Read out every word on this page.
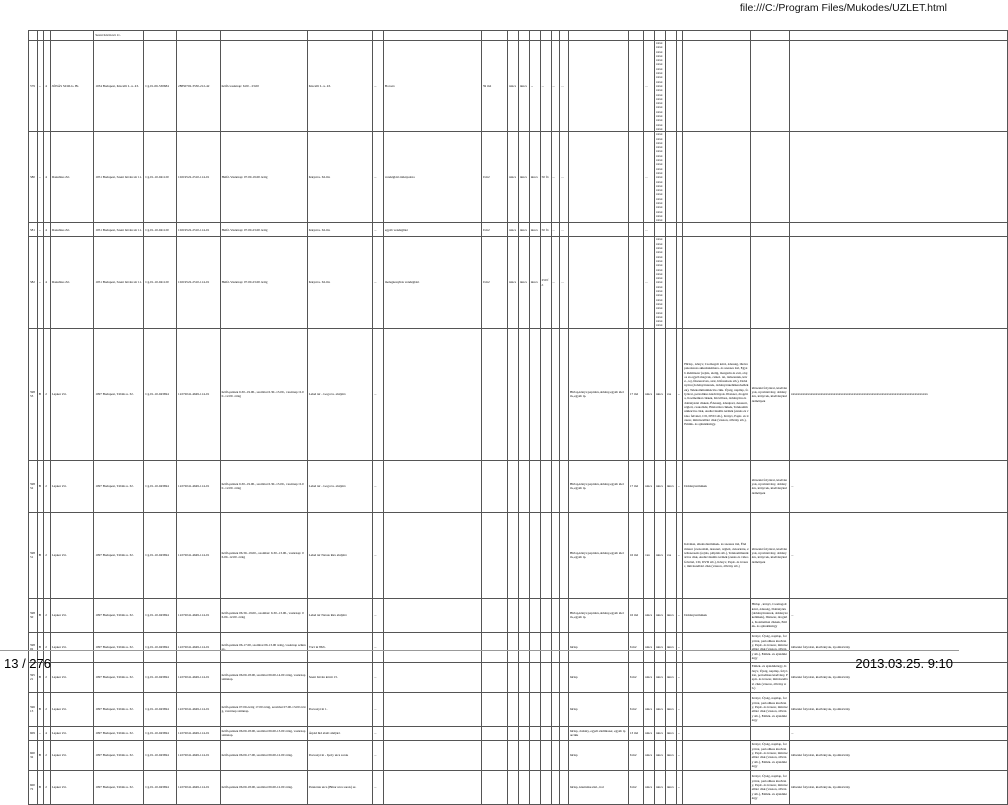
file:///C:/Program Files/Mukodes/UZLET.html
				Szent István tér 11.																						
579	...	4	JÓNÁS SZOLG. Bt.	1034 Budapest, Kiscelli L. u. 43.	Cg.01-06-530684	28850702-3530-212-42	hétfő-vasárnap: 6.00 - 23.00	Kiscelli L. u. 43.	...	Borozó	59 m2	nincs	nincs	...	...	...	...			...	xxxxxxxxxxxxxxxxxxxxxxxxxxxxxxxxxxxxxxxxxxxxxxxxxxxxxxxxxxxxxxxxxxxxxxxxxxxxxxxxxxxx					
580	...	4	Danubius Zrt.	1051 Budapest, Szent István tér 11.	Cg.01-10-041120	10219522-2510-114-01	Hétfő-Vasárnap: 07.00-19.00 óráig	Kárpát u. 62-64.	...	vendéglátó üzletpalota	0 m2	nincs	nincs	nincs	50 fő	...	...			...	xxxxxxxxxxxxxxxxxxxxxxxxxxxxxxxxxxxxxxxxxxxxxxxxxxxxxxxxxxxxxxxxxxxxxxxxxxxxxxxxxxxx					
581	...	4	Danubius Zrt.	1051 Budapest, Szent István tér 11.	Cg.01-10-041120	10219522-2510-114-01	Hétfő-Vasárnap: 07.00-23.00 óráig	Kárpát u. 62-64.	...	egyéb vendéglátó	0 m2	nincs	nincs	nincs	50 fő	...	...			...						
582	...	4	Danubius Zrt.	1051 Budapest, Szent István tér 11.	Cg.01-10-041120	10219522-2510-114-01	Hétfő-Vasárnap: 07.00-23.00 óráig	Kárpát u. 62-64.	...	melegkonyhás vendéglátó	0 m2	nincs	nincs	nincs	250 fő	...	...			...	xxxxxxxxxxxxxxxxxxxxxxxxxxxxxxxxxxxxxxxxxxxxxxxxxxxxxxxxxxxxxxxxxxxxxxxxxxxxxxxxxxxx					
59853	B	2	Lapker Zrt.	1097 Budapest, Táblás u. 32.	Cg.01-10-043694	12272041-4649-114-01	hétfő-péntek 6.30.-19.00., szombat 6.30.-13.00., vasárnap: 6.00.-12.00. óráig	Lehel tér - Gogol u. aluljáró	...									Hírlap,könyv,papíráru,dohány,egyéb élelm.,egyéb ip.	17 m2	nincs	nincs	vas	...	Hírlap , könyv, Csomagolt kávé, édesség, illetve pakolassza akkuttakámara- és szeszes ital, Egyéb élelmiszer (rejtás, ételig, margarin és zsir, olajos és egyéb magvak, csikol. tai, italszentek, kávé-, tej, fűszerezvés, szár, hőfonalsok stb.), Dohányáru (dohányáruterek, dohányzókellékes/kellékek), Telekommunikációs cikk. Újság, napilap, folyóirat, periodikus kiadványok. Illatszer, drogéria, Kozmetikai cikkek, Kisvillasz, dohányáru és dohányzási cikkek, Édesség, édesipari, desszert, régleti, csokoládé, Háztartási cikkek, Telekommunikációs cikk, Audiovizuális termék (zenés és video felvétel, CD, DVD stb.), Könyv, Papír- és írószer, művészellátó cikk (vászon, állvány stb.), Emlék- és ajándéktárgy.	időszaki folyóirat, kiadványok, nyomtatvány, dohányáru, könyvek, kiadványkuldemények	xxxxxxxxxxxxxxxxxxxxxxxxxxxxxxxxxxxxxxxxxxxxxxxxxxxxxxxxxxxxxxxxxxxxxxxxxxxxxxxxxxx
59852	B	2	Lapker Zrt.	1097 Budapest, Táblás u. 32.	Cg.01-10-043694	12272041-4649-114-01	hétfő-péntek 6.30.-19.00., szombat 6.30.-13.00., vasárnap: 6.00.-12.00. óráig	Lehel tér - Gogol u. aluljáró	...									Hírlap,könyv,papíráru,dohány,egyéb élelm.,egyéb ip.	17 m2	nincs	nincs	nincs	...	Dohánytermékek	időszaki folyóirat, kiadványok, nyomtatvány, dohányáru, könyvek, kiadványkuldemények	...
59851	B	2	Lapker Zrt.	1097 Budapest, Táblás u. 32.	Cg.01-10-043694	12272041-4649-114-01	hétfő-péntek 06.30.-19.00., szombat: 6.30.-13.00., vasárnap: 06.00.-12.00. óráig	Lehel tér Nexus Rex aluljáró	...									Hírlap,könyv,papíráru,dohány,egyéb élelm.,egyéb ip.	16 m2	van	nincs	vas	...	Kávékat, alkoholtermékek- és szeszes ital, Élelmiszer (csokoládé, desszert, régleti, cukorkáru, ételiszerezés (rejtás, pálpítás stb.), Telekommunikációs cikk, Audiovizuális termék (zenés és video felvétel, CD, DVD stb.), Könyv, Papír- és írószer, művészellátó cikk (vászon, állvány stb.)	időszaki folyóirat, kiadványok, nyomtatvány, dohányáru, könyvek, kiadványkuldemények	...
59850	B	2	Lapker Zrt.	1097 Budapest, Táblás u. 32.	Cg.01-10-043694	12272041-4649-114-01	hétfő-péntek 06.30.-19.00., szombat: 6.30.-13.00., vasárnap: 06.00.-12.00. óráig	Lehel tér Nexus Rex aluljáró	...									Hírlap,könyv,papíráru,dohány,egyéb élelm.,egyéb ip.	16 m2	nincs	nincs	nincs	...	Dohánytermékek	Hírlap , könyv, Csomagolt kávé, édesség, Dohányáru (dohányáruterek, dohányzókellékek), Illatszer, drogéria, Kozmetikai cikkek, Emlék- és ajándéktárgy	...
59802	B	2	Lapker Zrt.	1097 Budapest, Táblás u. 32.	Cg.01-10-043694	12272041-4649-114-01	hétfő-péntek 06-17.00, szombat 06-13.00 óráig, vasárnap szünnap.	Váci út 86/b.	...									hírlap	6 m2	nincs	nincs	nincs	...		Könyv, Újság, napilap, folyóirat, periodikus kiadvány, Papír- és írószer, művészellátó cikk (vászon, állvány stb.), Emlék- és ajándéktárgy	időszaki folyóirat, kiadványok, nyomtatvány
59521	B	2	Lapker Zrt.	1097 Budapest, Táblás u. 32.	Cg.01-10-043694	12272041-4649-114-01	hétfő-péntek 06.00-18.00, szombat 06.00-14.00 óráig, vasárnap szünnap.	Szent István körút 13.	...									hírlap	6 m2	nincs	nincs	nincs	...		Emlék- és ajándéktárgy, Könyv, Újság, napilap, folyóirat, periodikus kiadvány, Papír- és írószer, művészellátó cikk (vászon, állvány stb.)	időszaki folyóirat, kiadványok, nyomtatvány
59613	B	2	Lapker Zrt.	1097 Budapest, Táblás u. 32.	Cg.01-10-043694	12272041-4649-114-01	hétfő-péntek 07.00-óráig 17.00 óráig, szombat 07.00-13.00 óráig, vasárnap szünnap.	Pozsonyi út 1.	...									hírlap	6 m2	nincs	nincs	nincs	...		Könyv, Újság, napilap, folyóirat, periodikus kiadvány, Papír- és írószer, művészellátó cikk (vászon, állvány stb.), Emlék- és ajándéktárgy	időszaki folyóirat, kiadványok, nyomtatvány
609	...	4	Lapker Zrt.	1097 Budapest, Táblás u. 32.	Cg.01-10-043694	12272041-4649-114-01	hétfő-péntek 06.00-18.00, szombat 06.00-13.00 óráig, vasárnap szünnap.	Árpád híd alatti aluljáró	...									hírlap, dohány, egyéb élelmiszer, egyéb iparcikk	13 m2	nincs	nincs	nincs	...			...
60032	B	2	Lapker Zrt.	1097 Budapest, Táblás u. 32.	Cg.01-10-043694	12272041-4649-114-01	hétfő-péntek 06.00-17.00, szombat 06.00-12.00 óráig.	Pozsonyi út - Ipoly utca sarok	...									hírlap	6 m2	nincs	nincs	nincs	...		Könyv, Újság, napilap, folyóirat, periodikus kiadvány, Papír- és írószer, művészellátó cikk (vászon, állvány stb.), Emlék- és ajándéktárgy	időszaki folyóirat, kiadványok, nyomtatvány
60072	B	2	Lapker Zrt.	1097 Budapest, Táblás u. 32.	Cg.01-10-043694	12272041-4649-114-01	hétfő-péntek 06.00-18.00, szombat 06.00-12.00 óráig.	Pannónia utca (Bihar utca sarok) sz.	...									hírlap, kisértéku élel., ital	6 m2	nincs	nincs	nincs	...		Könyv, Újság, napilap, folyóirat, periodikus kiadvány, Papír- és írószer, művészellátó cikk (vászon, állvány stb.), Emlék- és ajándéktárgy	időszaki folyóirat, kiadványok, nyomtatvány
13 / 276	2013.03.25. 9:10
